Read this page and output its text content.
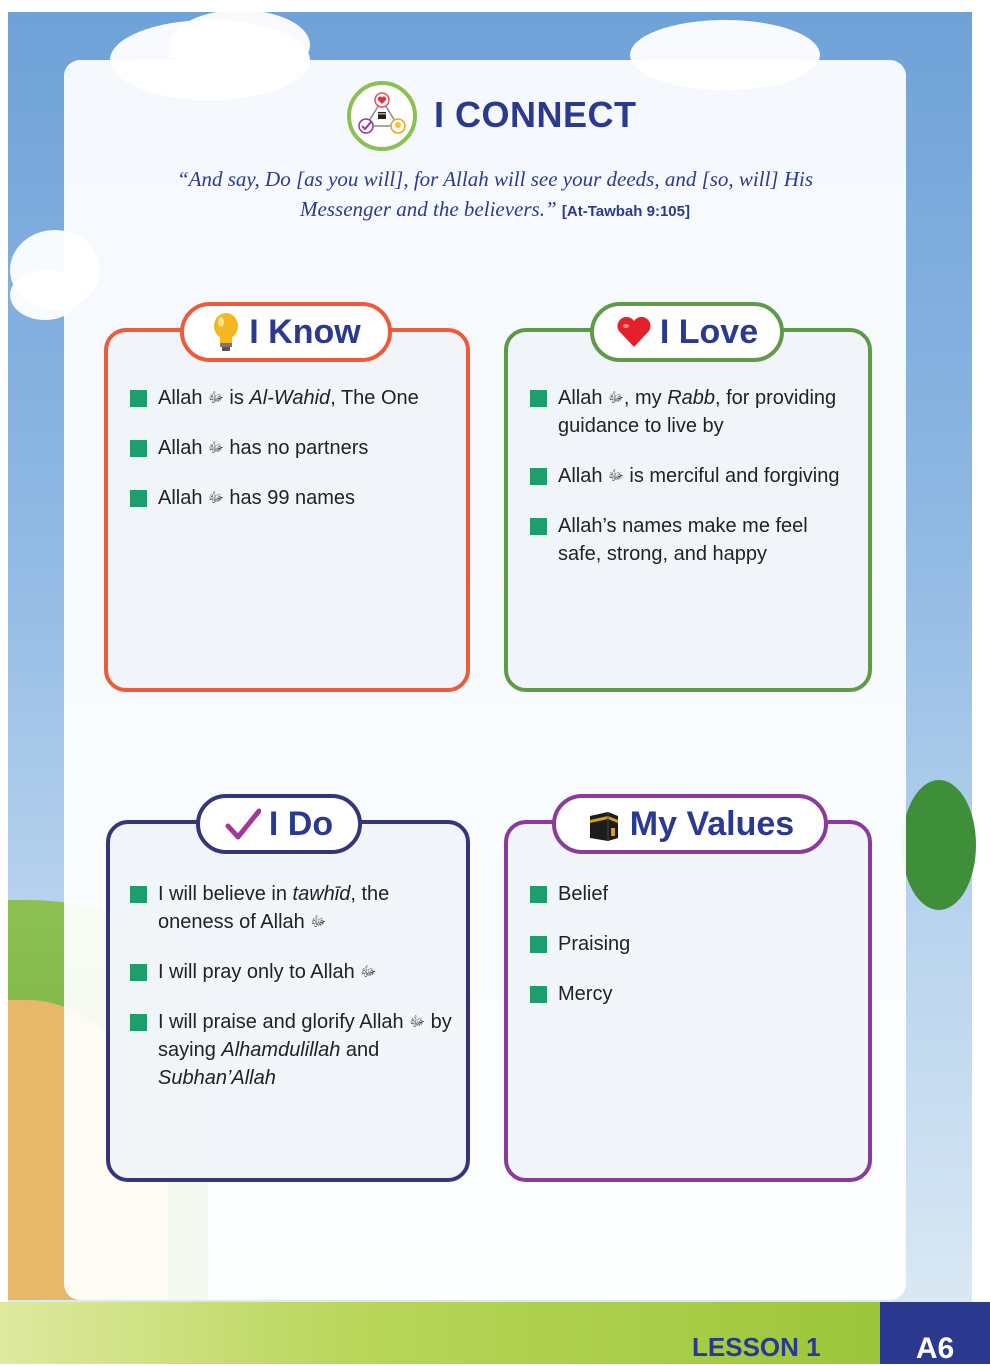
I CONNECT
“And say, Do [as you will], for Allah will see your deeds, and [so, will] His Messenger and the believers.” [At-Tawbah 9:105]
I Know
Allah ﷻ is Al-Wahid, The One
Allah ﷻ has no partners
Allah ﷻ has 99 names
I Love
Allah ﷻ, my Rabb, for providing guidance to live by
Allah ﷻ is merciful and forgiving
Allah’s names make me feel safe, strong, and happy
I Do
I will believe in tawhīd, the oneness of Allah ﷻ
I will pray only to Allah ﷻ
I will praise and glorify Allah ﷻ by saying Alhamdulillah and Subhan’Allah
My Values
Belief
Praising
Mercy
LESSON 1	A6
